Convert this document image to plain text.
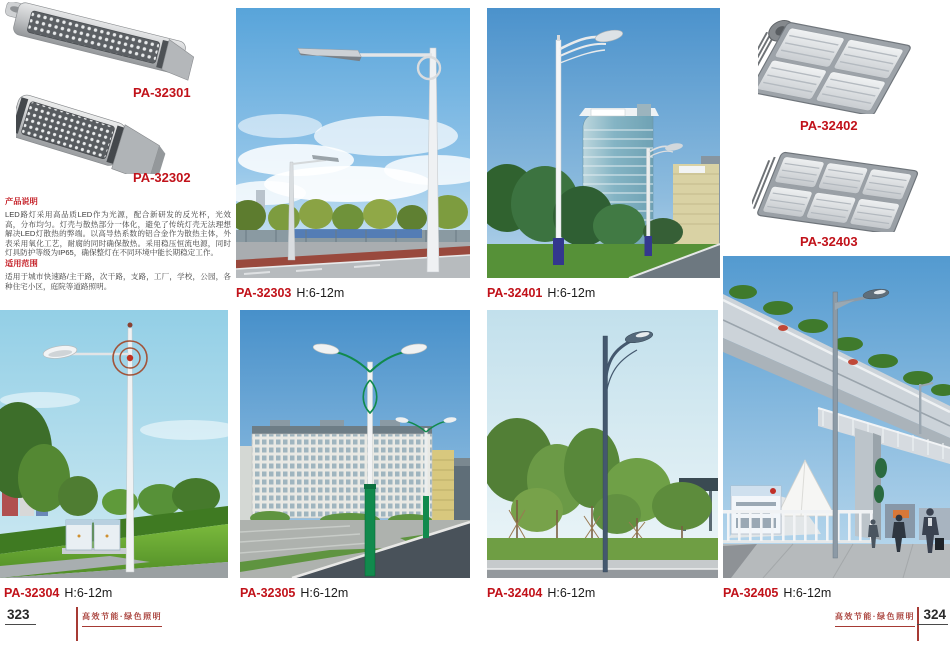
PA-32301
PA-32302
产品说明
LED路灯采用高品质LED作为光源，配合新研发的反光杯，光效高，分布均匀。灯壳与散热部分一体化，避免了传统灯壳无法理想解决LED灯散热的弊端。以高导热系数的铝合金作为散热主体，外表采用氧化工艺，耐腐的同时确保散热。采用稳压恒流电源，同时灯具防护等级为IP65，确保整灯在不同环境中能长期稳定工作。
适用范围
适用于城市快速路/主干路，次干路，支路，工厂，学校，公园，各种住宅小区，庭院等道路照明。	PA-32303 H:6-12m	PA-32401 H:6-12m
PA-32402
PA-32403
PA-32304 H:6-12m	PA-32305 H:6-12m	PA-32404 H:6-12m	PA-32405 H:6-12m
323	高效节能·绿色照明	高效节能·绿色照明 324
